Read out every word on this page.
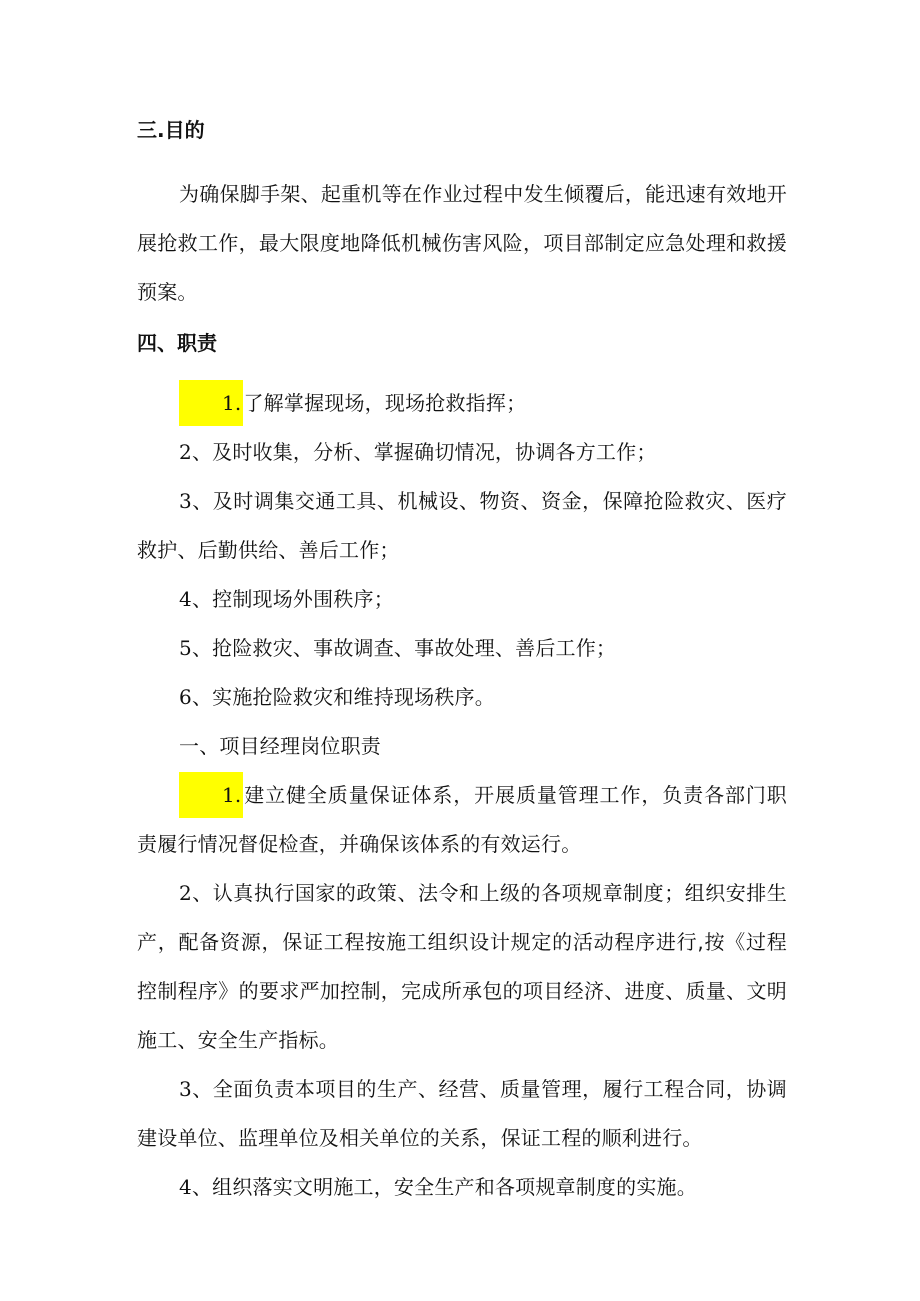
三.目的

为确保脚手架、起重机等在作业过程中发生倾覆后，能迅速有效地开展抢救工作，最大限度地降低机械伤害风险，项目部制定应急处理和救援预案。

四、职责

1. 了解掌握现场，现场抢救指挥；

2、及时收集，分析、掌握确切情况，协调各方工作；

3、及时调集交通工具、机械设、物资、资金，保障抢险救灾、医疗救护、后勤供给、善后工作；

4、控制现场外围秩序；

5、抢险救灾、事故调查、事故处理、善后工作；

6、实施抢险救灾和维持现场秩序。

一、项目经理岗位职责

1. 建立健全质量保证体系，开展质量管理工作，负责各部门职责履行情况督促检查，并确保该体系的有效运行。

2、认真执行国家的政策、法令和上级的各项规章制度；组织安排生产，配备资源，保证工程按施工组织设计规定的活动程序进行,按《过程控制程序》的要求严加控制，完成所承包的项目经济、进度、质量、文明施工、安全生产指标。

3、全面负责本项目的生产、经营、质量管理，履行工程合同，协调建设单位、监理单位及相关单位的关系，保证工程的顺利进行。

4、组织落实文明施工，安全生产和各项规章制度的实施。
